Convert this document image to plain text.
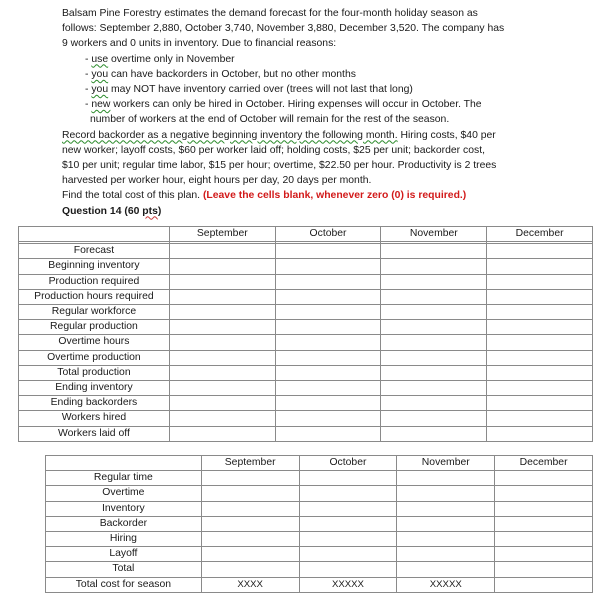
Balsam Pine Forestry estimates the demand forecast for the four-month holiday season as

follows: September 2,880, October 3,740, November 3,880, December 3,520. The company has

9 workers and 0 units in inventory. Due to financial reasons:

- use overtime only in November

- you can have backorders in October, but no other months

- you may NOT have inventory carried over (trees will not last that long)

- new workers can only be hired in October. Hiring expenses will occur in October. The

number of workers at the end of October will remain for the rest of the season.

Record backorder as a negative beginning inventory the following month. Hiring costs, $40 per

new worker; layoff costs, $60 per worker laid off; holding costs, $25 per unit; backorder cost,

$10 per unit; regular time labor, $15 per hour; overtime, $22.50 per hour. Productivity is 2 trees

harvested per worker hour, eight hours per day, 20 days per month.

Find the total cost of this plan. (Leave the cells blank, whenever zero (0) is required.)

Question 14 (60 pts)

	September	October	November	December

Forecast				
Beginning inventory				
Production required				
Production hours required				
Regular workforce				
Regular production				
Overtime hours				
Overtime production				
Total production				
Ending inventory				
Ending backorders				
Workers hired				
Workers laid off				
	September	October	November	December
Regular time				
Overtime				
Inventory				
Backorder				
Hiring				
Layoff				
Total				
Total cost for season	XXXX	XXXXX	XXXXX	
